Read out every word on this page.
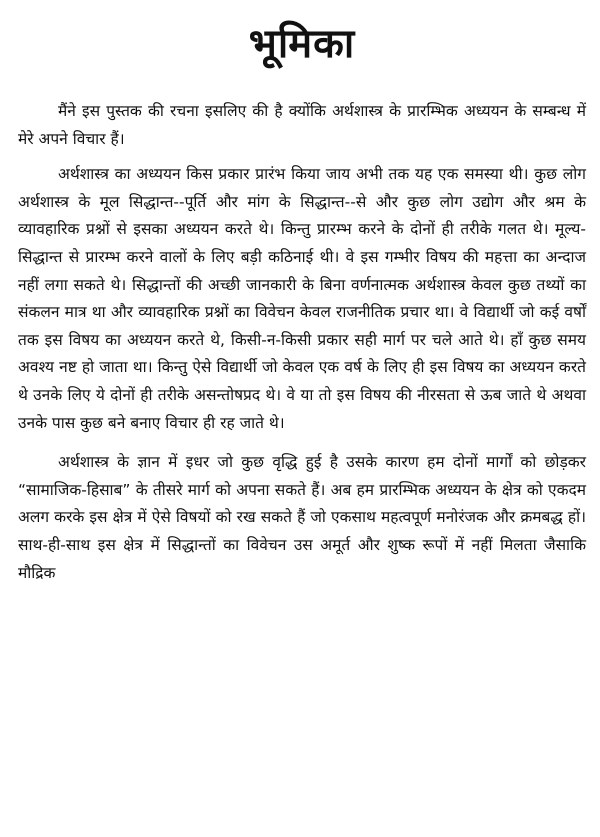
भूमिका

मैंने इस पुस्तक की रचना इसलिए की है क्योंकि अर्थशास्त्र के प्रारम्भिक अध्ययन के सम्बन्ध में मेरे अपने विचार हैं।

अर्थशास्त्र का अध्ययन किस प्रकार प्रारंभ किया जाय अभी तक यह एक समस्या थी। कुछ लोग अर्थशास्त्र के मूल सिद्धान्त--पूर्ति और मांग के सिद्धान्त--से और कुछ लोग उद्योग और श्रम के व्यावहारिक प्रश्नों से इसका अध्ययन करते थे। किन्तु प्रारम्भ करने के दोनों ही तरीके गलत थे। मूल्य-सिद्धान्त से प्रारम्भ करने वालों के लिए बड़ी कठिनाई थी। वे इस गम्भीर विषय की महत्ता का अन्दाज नहीं लगा सकते थे। सिद्धान्तों की अच्छी जानकारी के बिना वर्णनात्मक अर्थशास्त्र केवल कुछ तथ्यों का संकलन मात्र था और व्यावहारिक प्रश्नों का विवेचन केवल राजनीतिक प्रचार था। वे विद्यार्थी जो कई वर्षों तक इस विषय का अध्ययन करते थे, किसी-न-किसी प्रकार सही मार्ग पर चले आते थे। हाँ कुछ समय अवश्य नष्ट हो जाता था। किन्तु ऐसे विद्यार्थी जो केवल एक वर्ष के लिए ही इस विषय का अध्ययन करते थे उनके लिए ये दोनों ही तरीके असन्तोषप्रद थे। वे या तो इस विषय की नीरसता से ऊब जाते थे अथवा उनके पास कुछ बने बनाए विचार ही रह जाते थे।

अर्थशास्त्र के ज्ञान में इधर जो कुछ वृद्धि हुई है उसके कारण हम दोनों मार्गों को छोड़कर “सामाजिक-हिसाब” के तीसरे मार्ग को अपना सकते हैं। अब हम प्रारम्भिक अध्ययन के क्षेत्र को एकदम अलग करके इस क्षेत्र में ऐसे विषयों को रख सकते हैं जो एकसाथ महत्वपूर्ण मनोरंजक और क्रमबद्ध हों। साथ-ही-साथ इस क्षेत्र में सिद्धान्तों का विवेचन उस अमूर्त और शुष्क रूपों में नहीं मिलता जैसाकि मौद्रिक
